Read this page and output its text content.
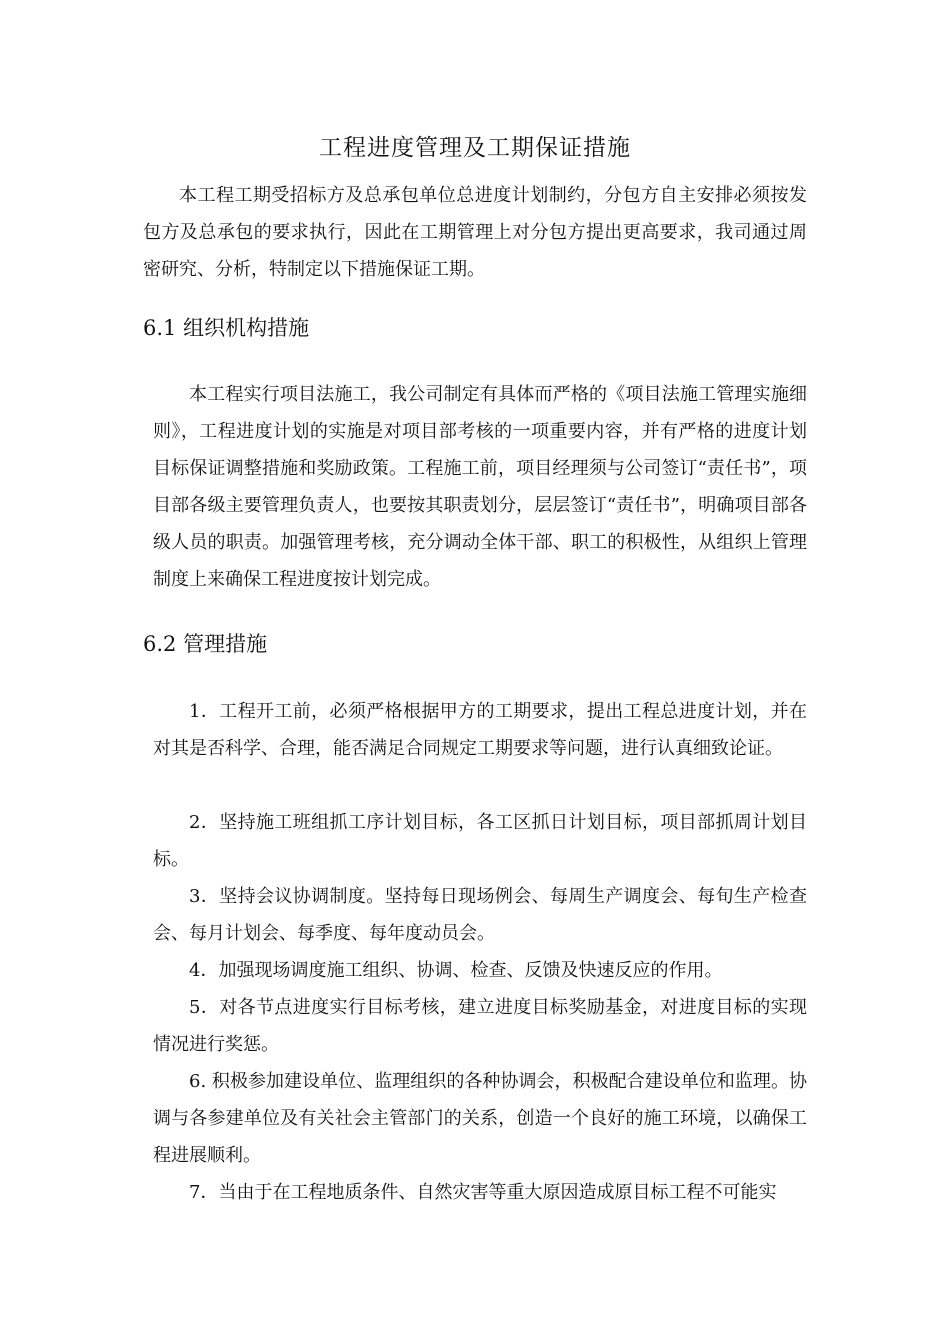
工程进度管理及工期保证措施

本工程工期受招标方及总承包单位总进度计划制约，分包方自主安排必须按发包方及总承包的要求执行，因此在工期管理上对分包方提出更高要求，我司通过周密研究、分析，特制定以下措施保证工期。

6.1 组织机构措施

本工程实行项目法施工，我公司制定有具体而严格的《项目法施工管理实施细则》，工程进度计划的实施是对项目部考核的一项重要内容，并有严格的进度计划目标保证调整措施和奖励政策。工程施工前，项目经理须与公司签订“责任书”，项目部各级主要管理负责人，也要按其职责划分，层层签订“责任书”，明确项目部各级人员的职责。加强管理考核，充分调动全体干部、职工的积极性，从组织上管理制度上来确保工程进度按计划完成。

6.2 管理措施

1．工程开工前，必须严格根据甲方的工期要求，提出工程总进度计划，并在对其是否科学、合理，能否满足合同规定工期要求等问题，进行认真细致论证。

2．坚持施工班组抓工序计划目标，各工区抓日计划目标，项目部抓周计划目标。

3．坚持会议协调制度。坚持每日现场例会、每周生产调度会、每旬生产检查会、每月计划会、每季度、每年度动员会。

4．加强现场调度施工组织、协调、检查、反馈及快速反应的作用。

5．对各节点进度实行目标考核，建立进度目标奖励基金，对进度目标的实现情况进行奖惩。

6. 积极参加建设单位、监理组织的各种协调会，积极配合建设单位和监理。协调与各参建单位及有关社会主管部门的关系，创造一个良好的施工环境，以确保工程进展顺利。

7．当由于在工程地质条件、自然灾害等重大原因造成原目标工程不可能实
